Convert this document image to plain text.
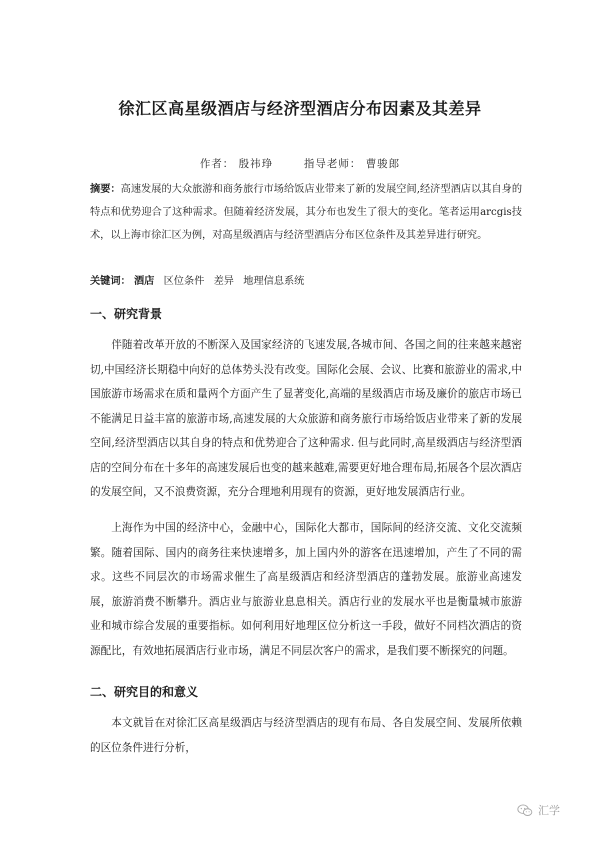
徐汇区高星级酒店与经济型酒店分布因素及其差异
作者： 殷祎琤	指导老师： 曹骏郎
摘要：高速发展的大众旅游和商务旅行市场给饭店业带来了新的发展空间,经济型酒店以其自身的特点和优势迎合了这种需求。但随着经济发展，其分布也发生了很大的变化。笔者运用arcgis技术，以上海市徐汇区为例，对高星级酒店与经济型酒店分布区位条件及其差异进行研究。
关键词： 酒店 区位条件 差异 地理信息系统
一、研究背景

伴随着改革开放的不断深入及国家经济的飞速发展,各城市间、各国之间的往来越来越密切,中国经济长期稳中向好的总体势头没有改变。国际化会展、会议、比赛和旅游业的需求,中国旅游市场需求在质和量两个方面产生了显著变化,高端的星级酒店市场及廉价的旅店市场已不能满足日益丰富的旅游市场,高速发展的大众旅游和商务旅行市场给饭店业带来了新的发展空间,经济型酒店以其自身的特点和优势迎合了这种需求. 但与此同时,高星级酒店与经济型酒店的空间分布在十多年的高速发展后也变的越来越难,需要更好地合理布局,拓展各个层次酒店的发展空间，又不浪费资源，充分合理地利用现有的资源，更好地发展酒店行业。

上海作为中国的经济中心，金融中心，国际化大都市，国际间的经济交流、文化交流频繁。随着国际、国内的商务往来快速增多，加上国内外的游客在迅速增加，产生了不同的需求。这些不同层次的市场需求催生了高星级酒店和经济型酒店的蓬勃发展。旅游业高速发展，旅游消费不断攀升。酒店业与旅游业息息相关。酒店行业的发展水平也是衡量城市旅游业和城市综合发展的重要指标。如何利用好地理区位分析这一手段，做好不同档次酒店的资源配比，有效地拓展酒店行业市场，满足不同层次客户的需求，是我们要不断探究的问题。

二、研究目的和意义

本文就旨在对徐汇区高星级酒店与经济型酒店的现有布局、各自发展空间、发展所依赖的区位条件进行分析，

汇学
